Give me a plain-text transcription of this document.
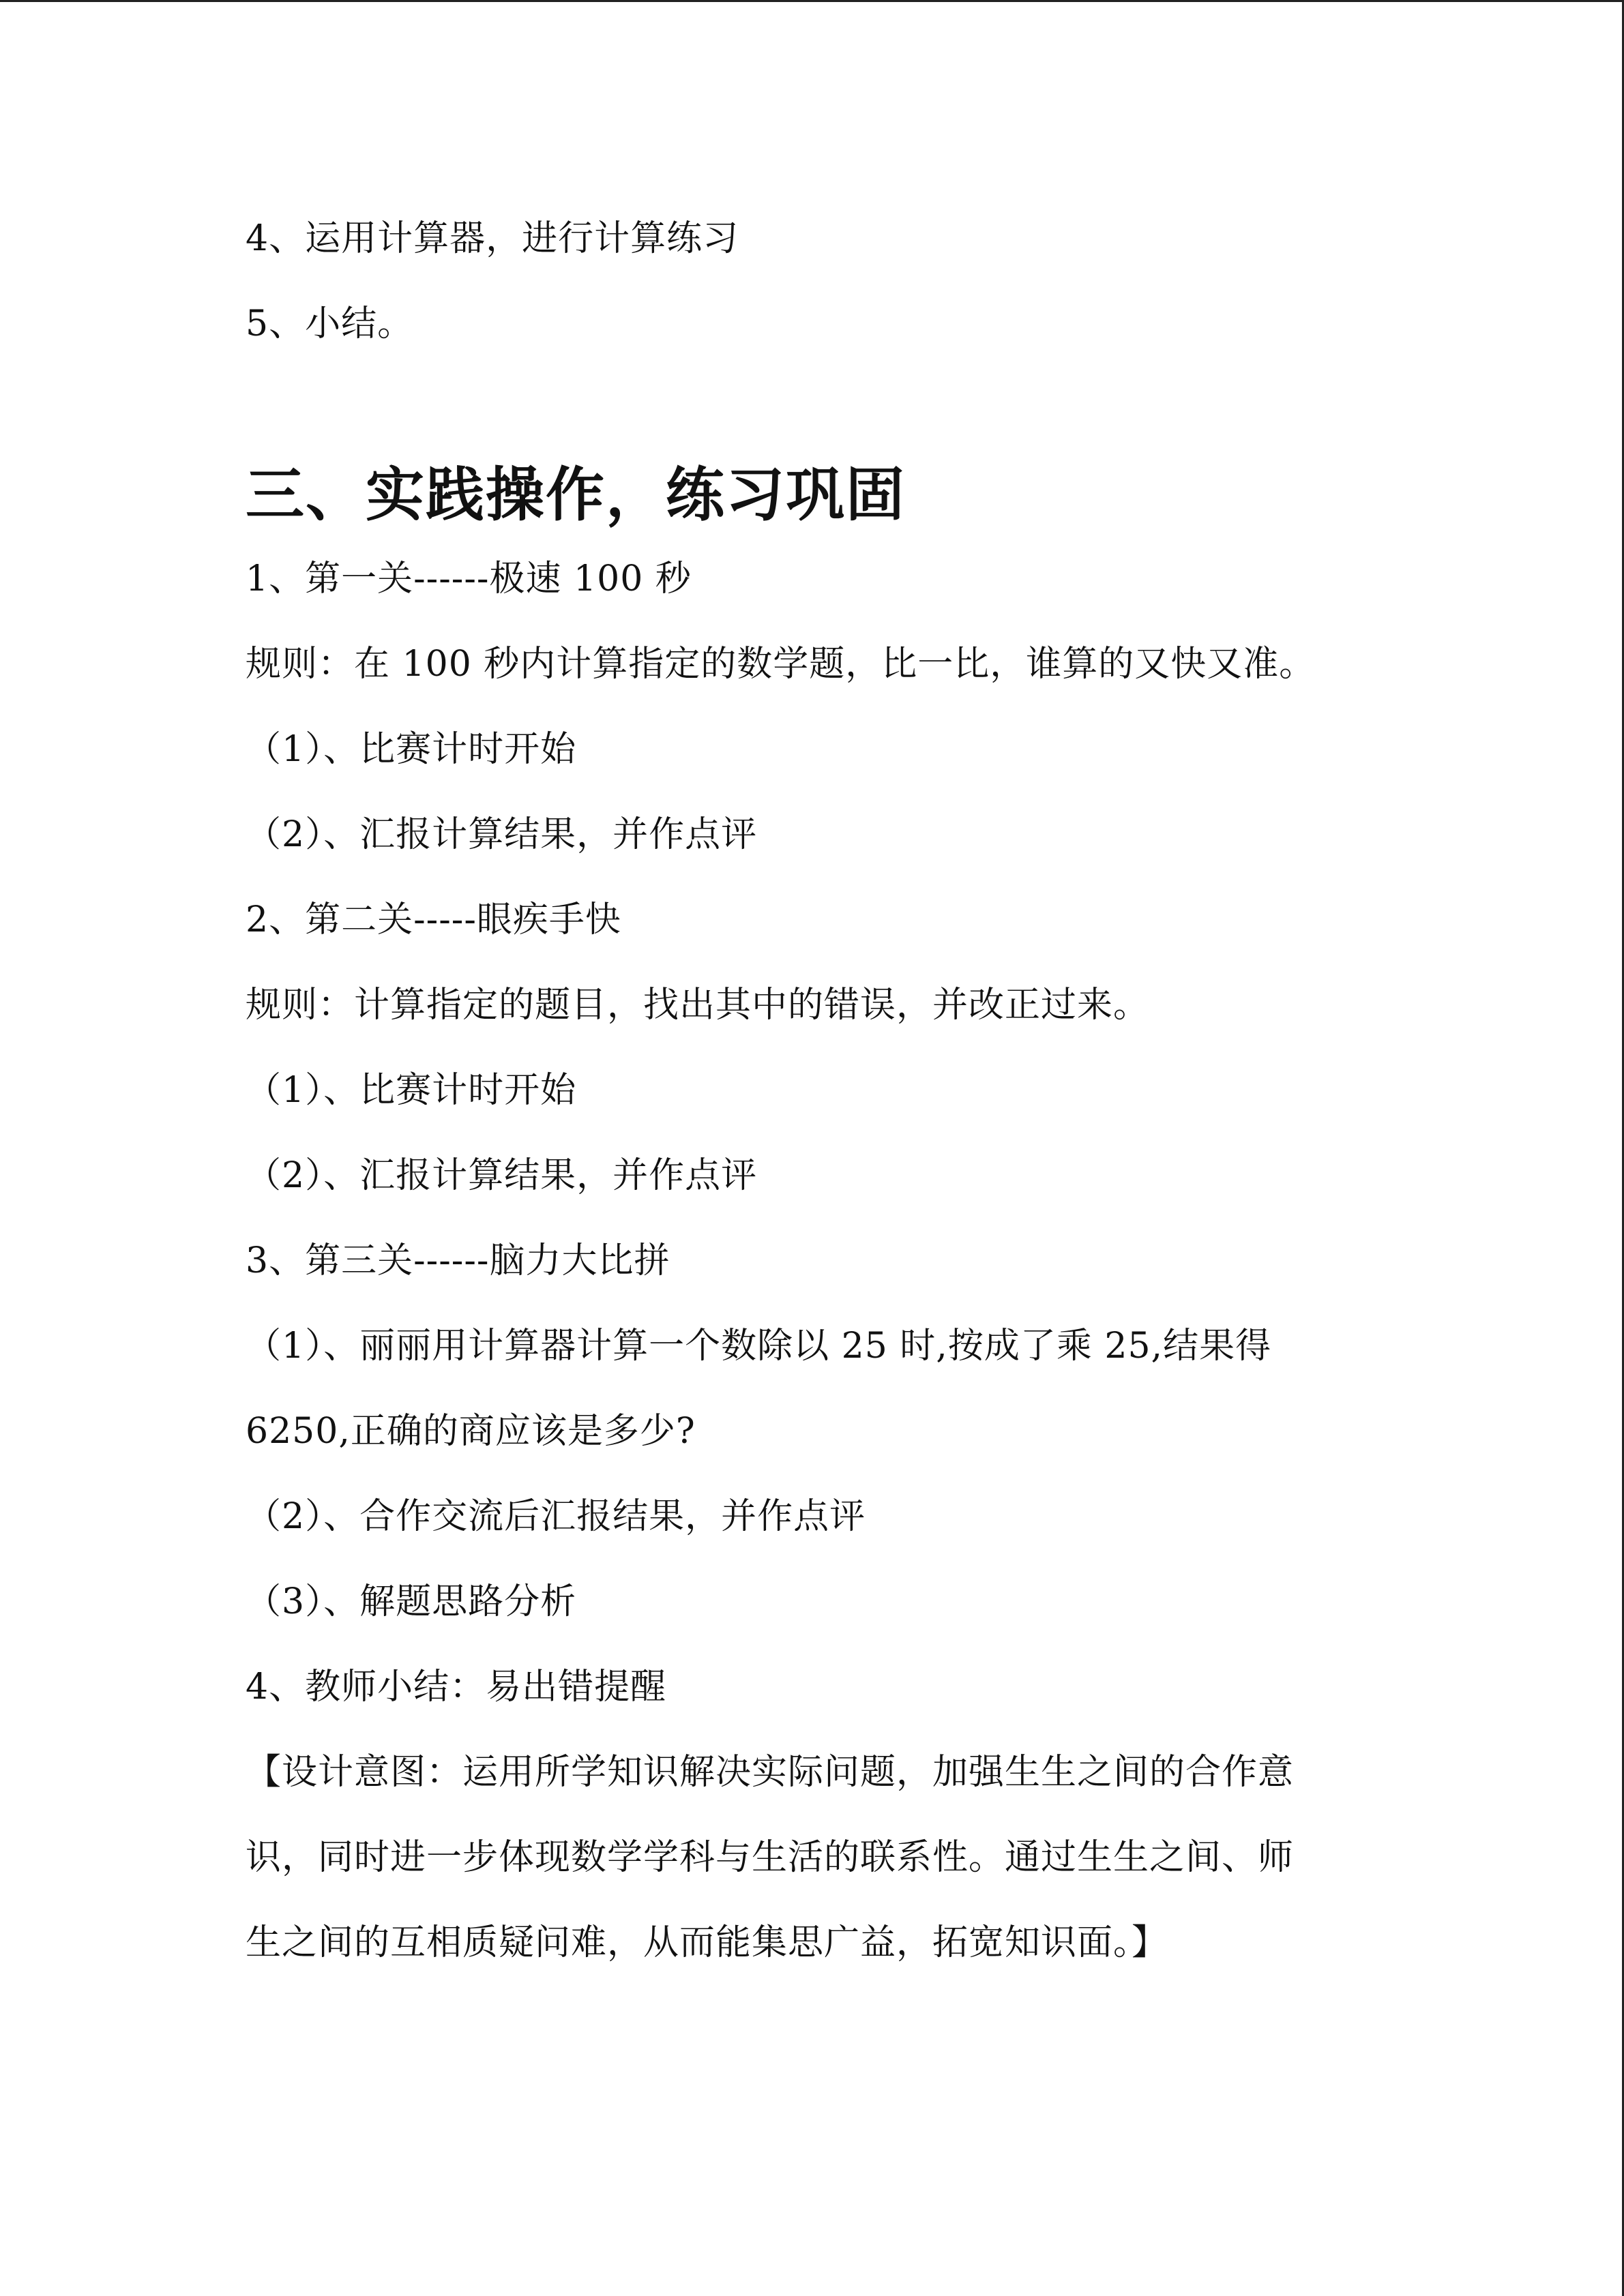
4、运用计算器，进行计算练习
5、小结。
三、实践操作，练习巩固
1、第一关------极速 100 秒
规则：在 100 秒内计算指定的数学题，比一比，谁算的又快又准。
（1）、比赛计时开始
（2）、汇报计算结果，并作点评
2、第二关-----眼疾手快
规则：计算指定的题目，找出其中的错误，并改正过来。
（1）、比赛计时开始
（2）、汇报计算结果，并作点评
3、第三关------脑力大比拼
（1）、丽丽用计算器计算一个数除以 25 时,按成了乘 25,结果得
6250,正确的商应该是多少?
（2）、合作交流后汇报结果，并作点评
（3）、解题思路分析
4、教师小结：易出错提醒
【设计意图：运用所学知识解决实际问题，加强生生之间的合作意
识，同时进一步体现数学学科与生活的联系性。通过生生之间、师
生之间的互相质疑问难，从而能集思广益，拓宽知识面。】
